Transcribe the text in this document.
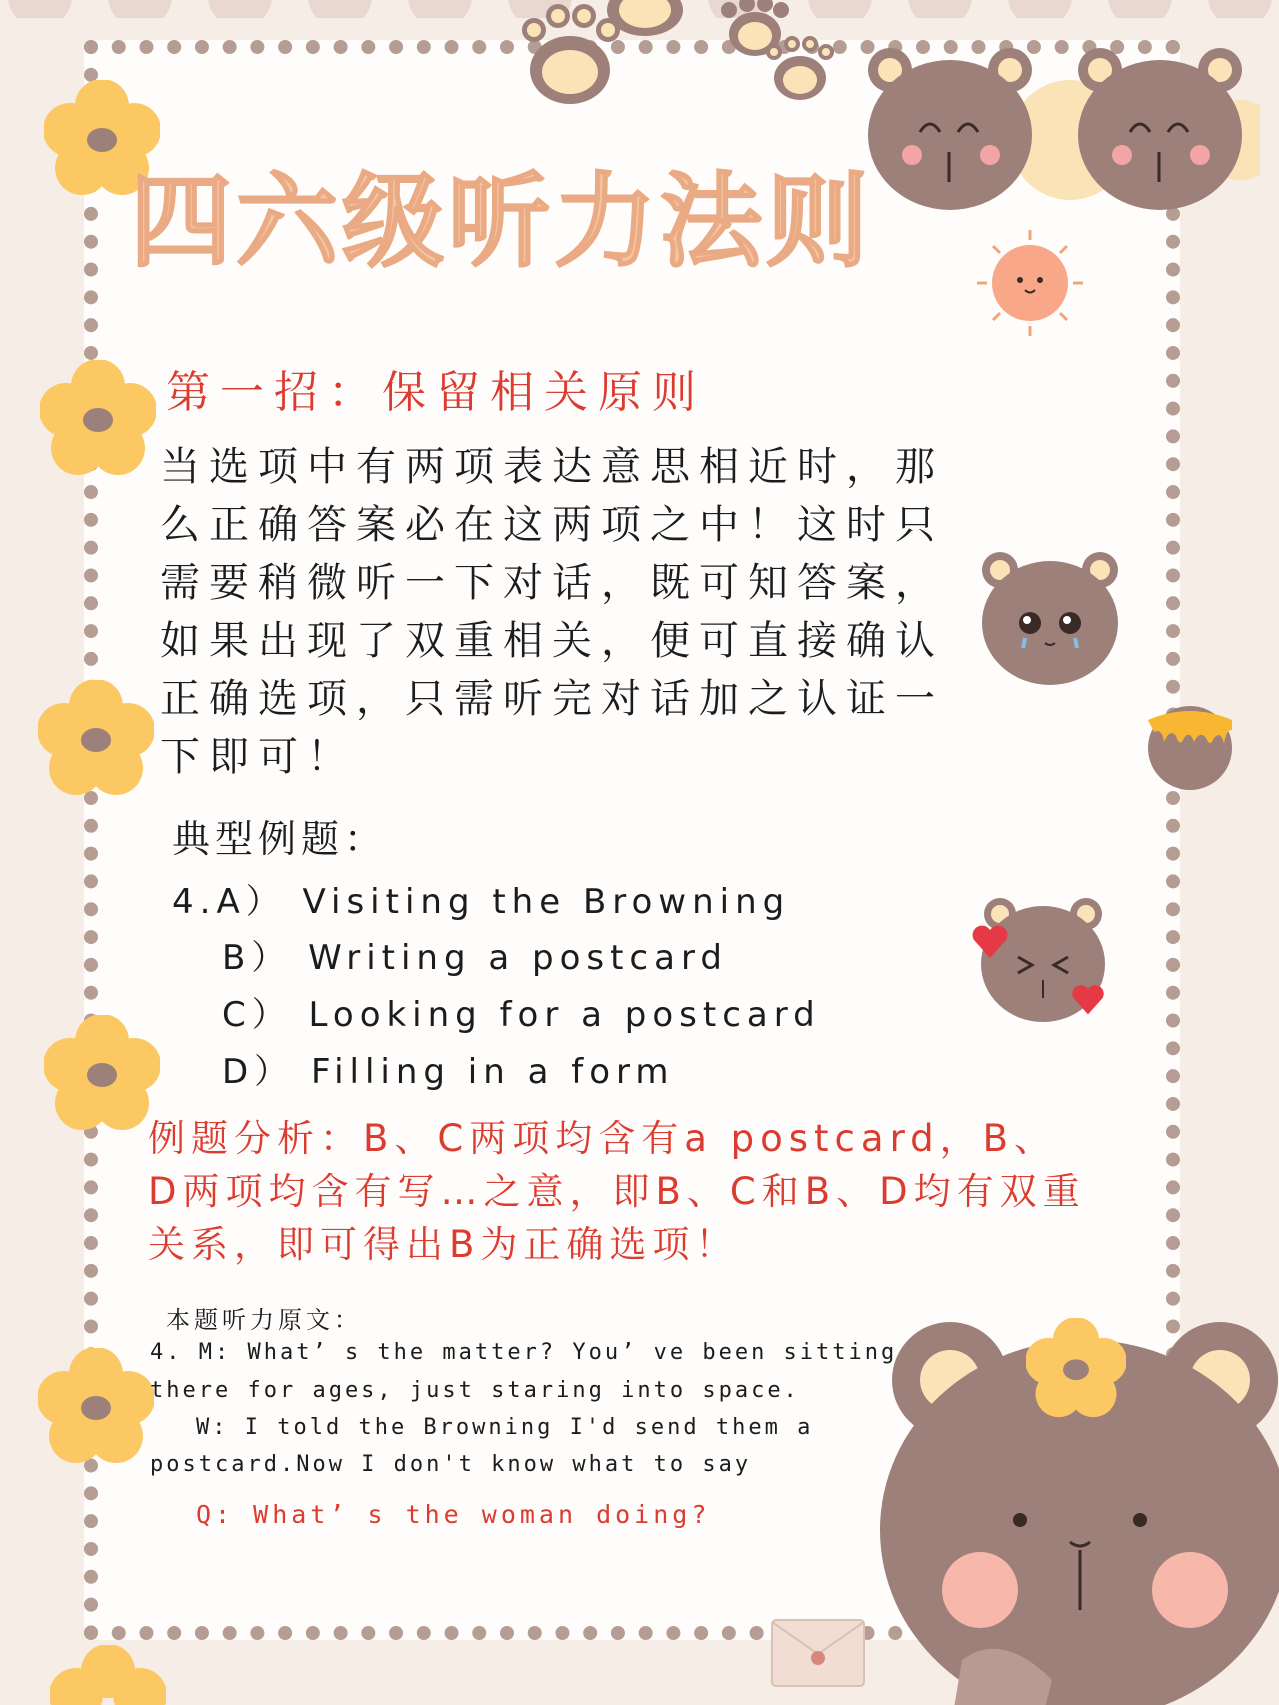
四六级听力法则
第一招：保留相关原则

当选项中有两项表达意思相近时，那么正确答案必在这两项之中！这时只需要稍微听一下对话，既可知答案，如果出现了双重相关，便可直接确认正确选项，只需听完对话加之认证一下即可！

典型例题：

4.A） Visiting the Browning

B） Writing a postcard

C） Looking for a postcard

D） Filling in a form

例题分析：B、C两项均含有a postcard，B、D两项均含有写…之意，即B、C和B、D均有双重关系，即可得出B为正确选项！

本题听力原文：

4. M: What’ s the matter? You’ ve been sitting

there for ages, just staring into space.

W: I told the Browning I'd send them a

postcard.Now I don't know what to say

Q: What’ s the woman doing?
